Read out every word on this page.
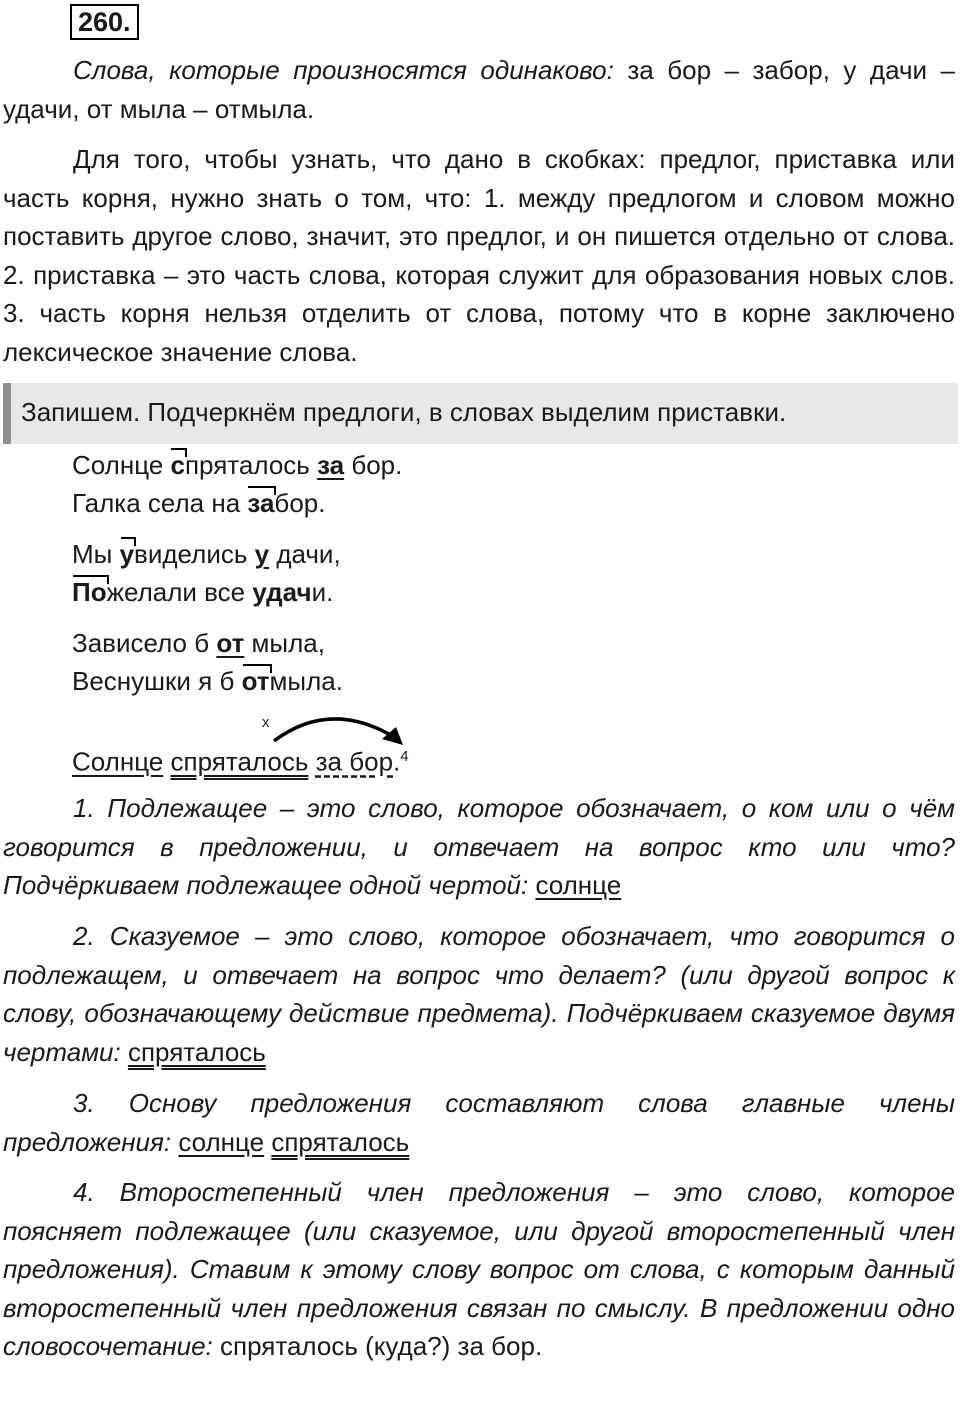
260.

Слова, которые произносятся одинаково: за бор – забор, у дачи – удачи, от мыла – отмыла.

Для того, чтобы узнать, что дано в скобках: предлог, приставка или часть корня, нужно знать о том, что: 1. между предлогом и словом можно поставить другое слово, значит, это предлог, и он пишется отдельно от слова. 2. приставка – это часть слова, которая служит для образования новых слов. 3. часть корня нельзя отделить от слова, потому что в корне заключено лексическое значение слова.

Запишем. Подчеркнём предлоги, в словах выделим приставки.
Солнце спряталось за бор.
Галка села на забор.
Мы увиделись у дачи,
Пожелали все удачи.
Зависело б от мыла,
Веснушки я б отмыла.
x
Солнце спряталось за бор.$^4$

1. Подлежащее – это слово, которое обозначает, о ком или о чём говорится в предложении, и отвечает на вопрос кто или что? Подчёркиваем подлежащее одной чертой: солнце

2. Сказуемое – это слово, которое обозначает, что говорится о подлежащем, и отвечает на вопрос что делает? (или другой вопрос к слову, обозначающему действие предмета). Подчёркиваем сказуемое двумя чертами: спряталось

3. Основу предложения составляют слова главные члены предложения: солнце спряталось

4. Второстепенный член предложения – это слово, которое поясняет подлежащее (или сказуемое, или другой второстепенный член предложения). Ставим к этому слову вопрос от слова, с которым данный второстепенный член предложения связан по смыслу. В предложении одно словосочетание: спряталось (куда?) за бор.
